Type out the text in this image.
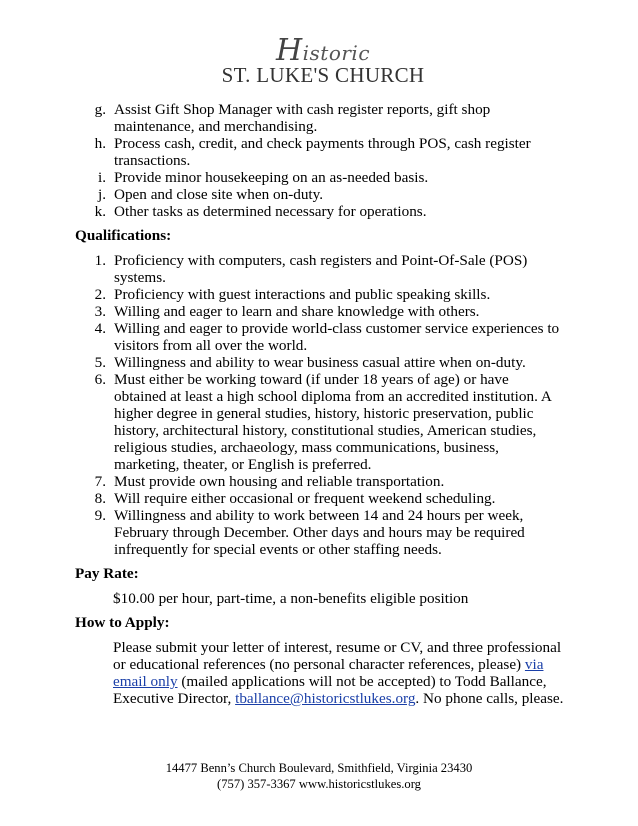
Historic
ST. LUKE'S CHURCH
g. Assist Gift Shop Manager with cash register reports, gift shop maintenance, and merchandising.
h. Process cash, credit, and check payments through POS, cash register transactions.
i. Provide minor housekeeping on an as-needed basis.
j. Open and close site when on-duty.
k. Other tasks as determined necessary for operations.
Qualifications:
1. Proficiency with computers, cash registers and Point-Of-Sale (POS) systems.
2. Proficiency with guest interactions and public speaking skills.
3. Willing and eager to learn and share knowledge with others.
4. Willing and eager to provide world-class customer service experiences to visitors from all over the world.
5. Willingness and ability to wear business casual attire when on-duty.
6. Must either be working toward (if under 18 years of age) or have obtained at least a high school diploma from an accredited institution. A higher degree in general studies, history, historic preservation, public history, architectural history, constitutional studies, American studies, religious studies, archaeology, mass communications, business, marketing, theater, or English is preferred.
7. Must provide own housing and reliable transportation.
8. Will require either occasional or frequent weekend scheduling.
9. Willingness and ability to work between 14 and 24 hours per week, February through December. Other days and hours may be required infrequently for special events or other staffing needs.
Pay Rate:
$10.00 per hour, part-time, a non-benefits eligible position
How to Apply:
Please submit your letter of interest, resume or CV, and three professional or educational references (no personal character references, please) via email only (mailed applications will not be accepted) to Todd Ballance, Executive Director, tballance@historicstlukes.org. No phone calls, please.
14477 Benn’s Church Boulevard, Smithfield, Virginia 23430
(757) 357-3367 www.historicstlukes.org
